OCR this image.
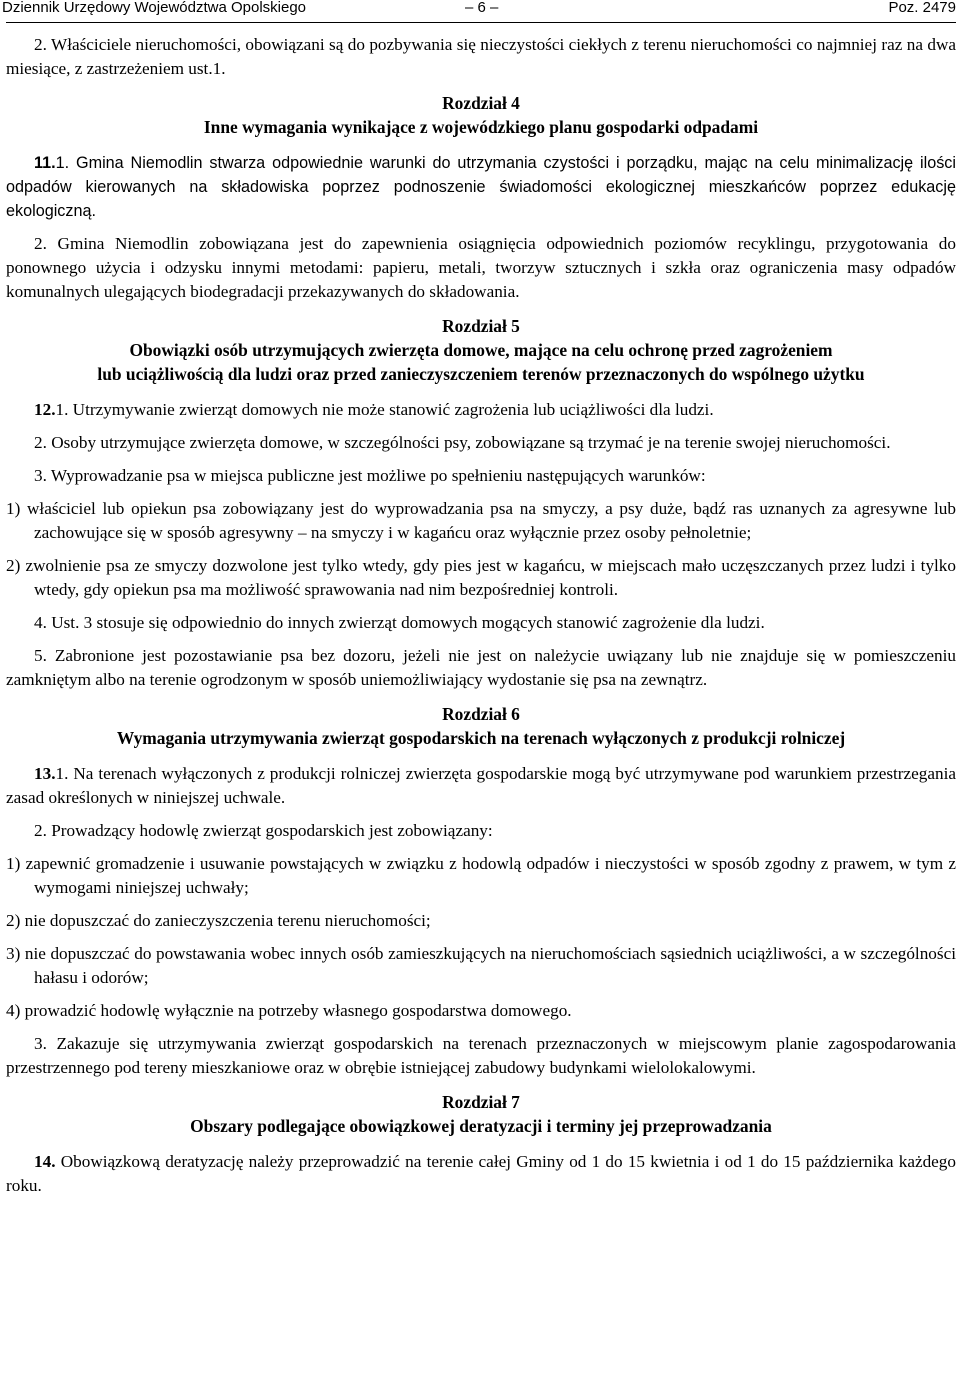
Dziennik Urzędowy Województwa Opolskiego	– 6 –	Poz. 2479

2. Właściciele nieruchomości, obowiązani są do pozbywania się nieczystości ciekłych z terenu nieruchomości co najmniej raz na dwa miesiące, z zastrzeżeniem ust.1.

Rozdział 4
Inne wymagania wynikające z wojewódzkiego planu gospodarki odpadami

11.1. Gmina Niemodlin stwarza odpowiednie warunki do utrzymania czystości i porządku, mając na celu minimalizację ilości odpadów kierowanych na składowiska poprzez podnoszenie świadomości ekologicznej mieszkańców poprzez edukację ekologiczną.

2. Gmina Niemodlin zobowiązana jest do zapewnienia osiągnięcia odpowiednich poziomów recyklingu, przygotowania do ponownego użycia i odzysku innymi metodami: papieru, metali, tworzyw sztucznych i szkła oraz ograniczenia masy odpadów komunalnych ulegających biodegradacji przekazywanych do składowania.

Rozdział 5
Obowiązki osób utrzymujących zwierzęta domowe, mające na celu ochronę przed zagrożeniem
lub uciążliwością dla ludzi oraz przed zanieczyszczeniem terenów przeznaczonych do wspólnego użytku

12.1. Utrzymywanie zwierząt domowych nie może stanowić zagrożenia lub uciążliwości dla ludzi.

2. Osoby utrzymujące zwierzęta domowe, w szczególności psy, zobowiązane są trzymać je na terenie swojej nieruchomości.

3. Wyprowadzanie psa w miejsca publiczne jest możliwe po spełnieniu następujących warunków:

1) właściciel lub opiekun psa zobowiązany jest do wyprowadzania psa na smyczy, a psy duże, bądź ras uznanych za agresywne lub zachowujące się w sposób agresywny – na smyczy i w kagańcu oraz wyłącznie przez osoby pełnoletnie;

2) zwolnienie psa ze smyczy dozwolone jest tylko wtedy, gdy pies jest w kagańcu, w miejscach mało uczęszczanych przez ludzi i tylko wtedy, gdy opiekun psa ma możliwość sprawowania nad nim bezpośredniej kontroli.

4. Ust. 3 stosuje się odpowiednio do innych zwierząt domowych mogących stanowić zagrożenie dla ludzi.

5. Zabronione jest pozostawianie psa bez dozoru, jeżeli nie jest on należycie uwiązany lub nie znajduje się w pomieszczeniu zamkniętym albo na terenie ogrodzonym w sposób uniemożliwiający wydostanie się psa na zewnątrz.

Rozdział 6
Wymagania utrzymywania zwierząt gospodarskich na terenach wyłączonych z produkcji rolniczej

13.1. Na terenach wyłączonych z produkcji rolniczej zwierzęta gospodarskie mogą być utrzymywane pod warunkiem przestrzegania zasad określonych w niniejszej uchwale.

2. Prowadzący hodowlę zwierząt gospodarskich jest zobowiązany:

1) zapewnić gromadzenie i usuwanie powstających w związku z hodowlą odpadów i nieczystości w sposób zgodny z prawem, w tym z wymogami niniejszej uchwały;

2) nie dopuszczać do zanieczyszczenia terenu nieruchomości;

3) nie dopuszczać do powstawania wobec innych osób zamieszkujących na nieruchomościach sąsiednich uciążliwości, a w szczególności hałasu i odorów;

4) prowadzić hodowlę wyłącznie na potrzeby własnego gospodarstwa domowego.

3. Zakazuje się utrzymywania zwierząt gospodarskich na terenach przeznaczonych w miejscowym planie zagospodarowania przestrzennego pod tereny mieszkaniowe oraz w obrębie istniejącej zabudowy budynkami wielolokalowymi.

Rozdział 7
Obszary podlegające obowiązkowej deratyzacji i terminy jej przeprowadzania

14. Obowiązkową deratyzację należy przeprowadzić na terenie całej Gminy od 1 do 15 kwietnia i od 1 do 15 października każdego roku.
